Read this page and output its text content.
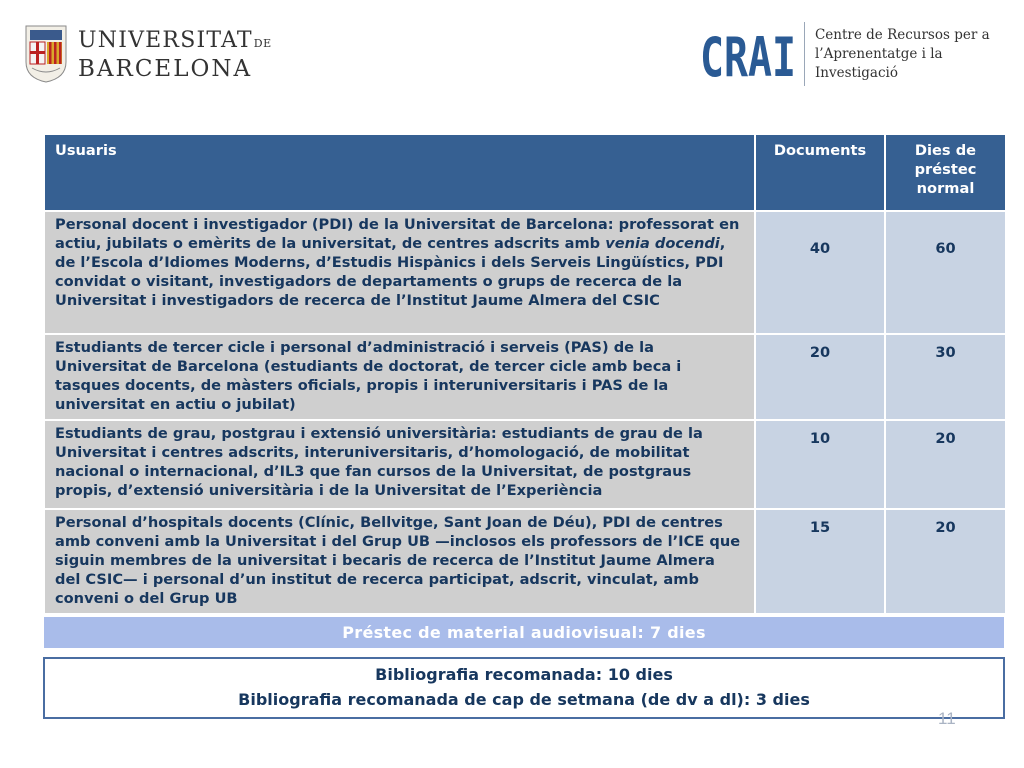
UNIVERSITATDE
BARCELONA	CRAI Centre de Recursos per a
l’Aprenentatge i la Investigació
Usuaris	Documents	Dies de
préstec
normal

Personal docent i investigador (PDI) de la Universitat de Barcelona: professorat en actiu, jubilats o emèrits de la universitat, de centres adscrits amb venia docendi, de l’Escola d’Idiomes Moderns, d’Estudis Hispànics i dels Serveis Lingüístics, PDI convidat o visitant, investigadors de departaments o grups de recerca de la Universitat i investigadors de recerca de l’Institut Jaume Almera del CSIC	40	60
Estudiants de tercer cicle i personal d’administració i serveis (PAS) de la Universitat de Barcelona (estudiants de doctorat, de tercer cicle amb beca i tasques docents, de màsters oficials, propis i interuniversitaris i PAS de la universitat en actiu o jubilat)	20	30
Estudiants de grau, postgrau i extensió universitària: estudiants de grau de la Universitat i centres adscrits, interuniversitaris, d’homologació, de mobilitat nacional o internacional, d’IL3 que fan cursos de la Universitat, de postgraus propis, d’extensió universitària i de la Universitat de l’Experiència	10	20
Personal d’hospitals docents (Clínic, Bellvitge, Sant Joan de Déu), PDI de centres amb conveni amb la Universitat i del Grup UB —inclosos els professors de l’ICE que siguin membres de la universitat i becaris de recerca de l’Institut Jaume Almera del CSIC— i personal d’un institut de recerca participat, adscrit, vinculat, amb conveni o del Grup UB	15	20
Préstec de material audiovisual: 7 dies
Bibliografia recomanada: 10 dies
Bibliografia recomanada de cap de setmana (de dv a dl): 3 dies
11
